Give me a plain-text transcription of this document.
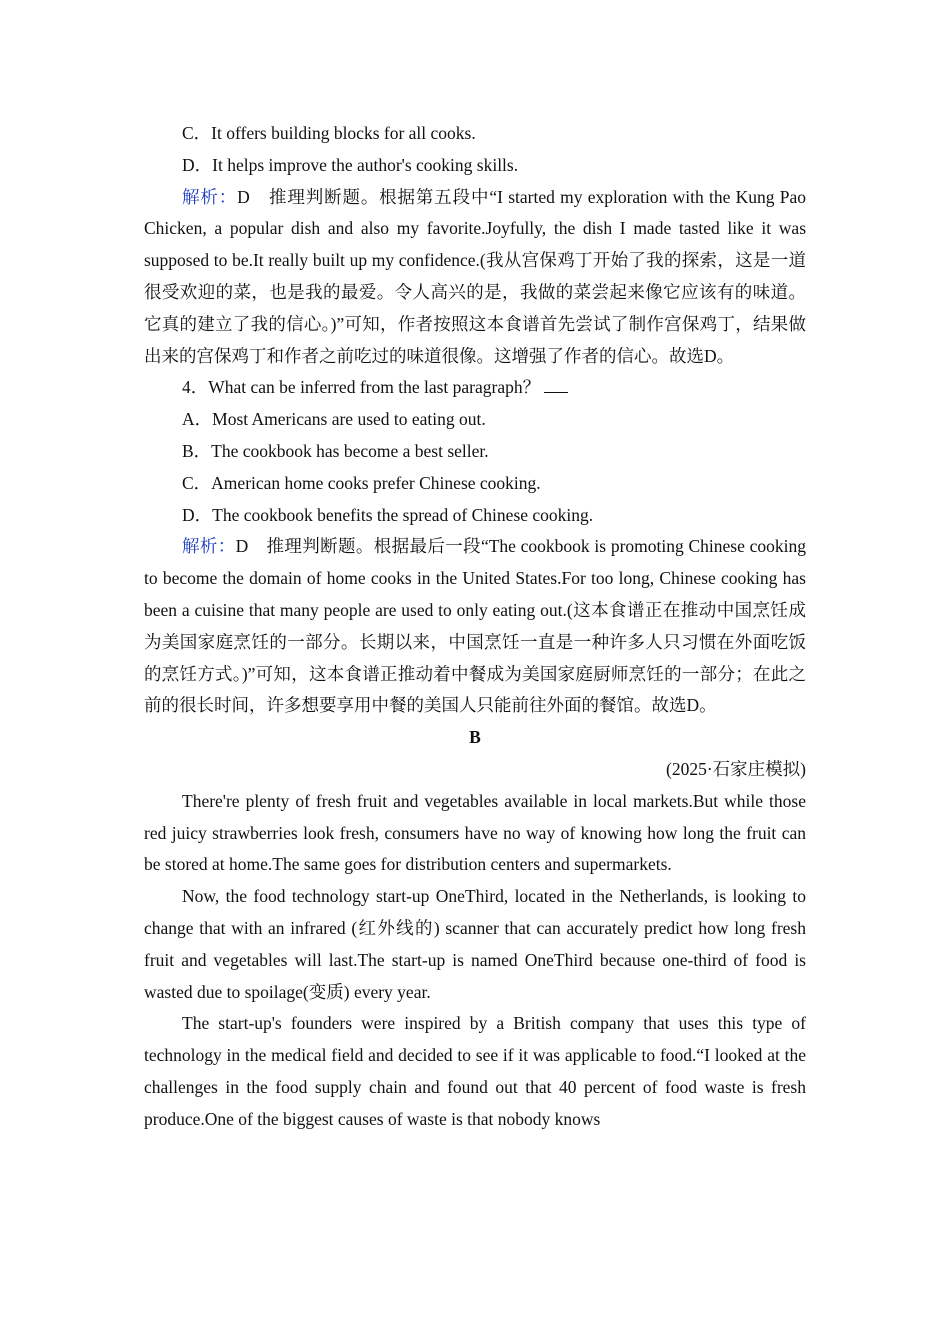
C．It offers building blocks for all cooks.

D．It helps improve the author's cooking skills.

解析：D　推理判断题。根据第五段中“I started my exploration with the Kung Pao Chicken, a popular dish and also my favorite.Joyfully, the dish I made tasted like it was supposed to be.It really built up my confidence.(我从宫保鸡丁开始了我的探索，这是一道很受欢迎的菜，也是我的最爱。令人高兴的是，我做的菜尝起来像它应该有的味道。它真的建立了我的信心。)”可知，作者按照这本食谱首先尝试了制作宫保鸡丁，结果做出来的宫保鸡丁和作者之前吃过的味道很像。这增强了作者的信心。故选D。

4．What can be inferred from the last paragraph？

A．Most Americans are used to eating out.

B．The cookbook has become a best seller.

C．American home cooks prefer Chinese cooking.

D．The cookbook benefits the spread of Chinese cooking.

解析：D　推理判断题。根据最后一段“The cookbook is promoting Chinese cooking to become the domain of home cooks in the United States.For too long, Chinese cooking has been a cuisine that many people are used to only eating out.(这本食谱正在推动中国烹饪成为美国家庭烹饪的一部分。长期以来，中国烹饪一直是一种许多人只习惯在外面吃饭的烹饪方式。)”可知，这本食谱正推动着中餐成为美国家庭厨师烹饪的一部分；在此之前的很长时间，许多想要享用中餐的美国人只能前往外面的餐馆。故选D。

B

(2025·石家庄模拟)

There're plenty of fresh fruit and vegetables available in local markets.But while those red juicy strawberries look fresh, consumers have no way of knowing how long the fruit can be stored at home.The same goes for distribution centers and supermarkets.

Now, the food technology start-up OneThird, located in the Netherlands, is looking to change that with an infrared (红外线的) scanner that can accurately predict how long fresh fruit and vegetables will last.The start-up is named OneThird because one-third of food is wasted due to spoilage(变质) every year.

The start-up's founders were inspired by a British company that uses this type of technology in the medical field and decided to see if it was applicable to food.“I looked at the challenges in the food supply chain and found out that 40 percent of food waste is fresh produce.One of the biggest causes of waste is that nobody knows
